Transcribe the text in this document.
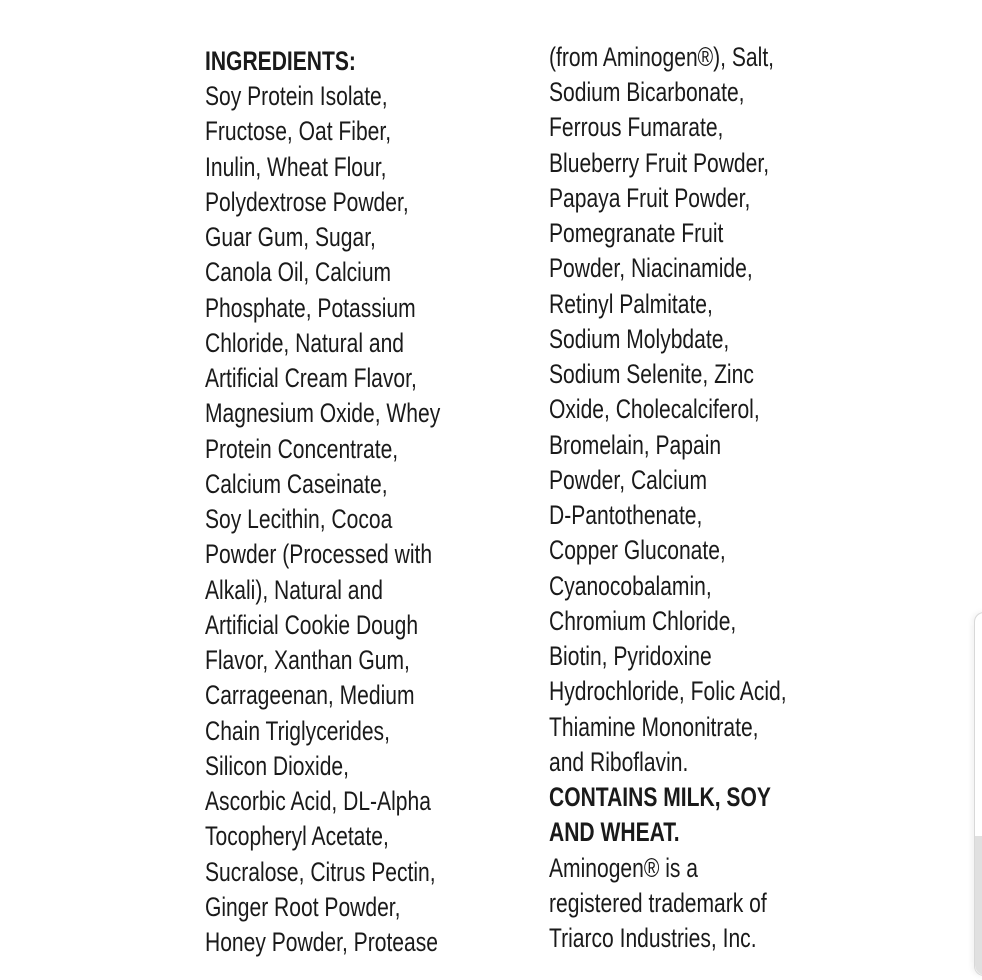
INGREDIENTS:
Soy Protein Isolate,
Fructose, Oat Fiber,
Inulin, Wheat Flour,
Polydextrose Powder,
Guar Gum, Sugar,
Canola Oil, Calcium
Phosphate, Potassium
Chloride, Natural and
Artificial Cream Flavor,
Magnesium Oxide, Whey
Protein Concentrate,
Calcium Caseinate,
Soy Lecithin, Cocoa
Powder (Processed with
Alkali), Natural and
Artificial Cookie Dough
Flavor, Xanthan Gum,
Carrageenan, Medium
Chain Triglycerides,
Silicon Dioxide,
Ascorbic Acid, DL-Alpha
Tocopheryl Acetate,
Sucralose, Citrus Pectin,
Ginger Root Powder,
Honey Powder, Protease
(from Aminogen®), Salt,
Sodium Bicarbonate,
Ferrous Fumarate,
Blueberry Fruit Powder,
Papaya Fruit Powder,
Pomegranate Fruit
Powder, Niacinamide,
Retinyl Palmitate,
Sodium Molybdate,
Sodium Selenite, Zinc
Oxide, Cholecalciferol,
Bromelain, Papain
Powder, Calcium
D-Pantothenate,
Copper Gluconate,
Cyanocobalamin,
Chromium Chloride,
Biotin, Pyridoxine
Hydrochloride, Folic Acid,
Thiamine Mononitrate,
and Riboflavin.
CONTAINS MILK, SOY
AND WHEAT.
Aminogen® is a
registered trademark of
Triarco Industries, Inc.
